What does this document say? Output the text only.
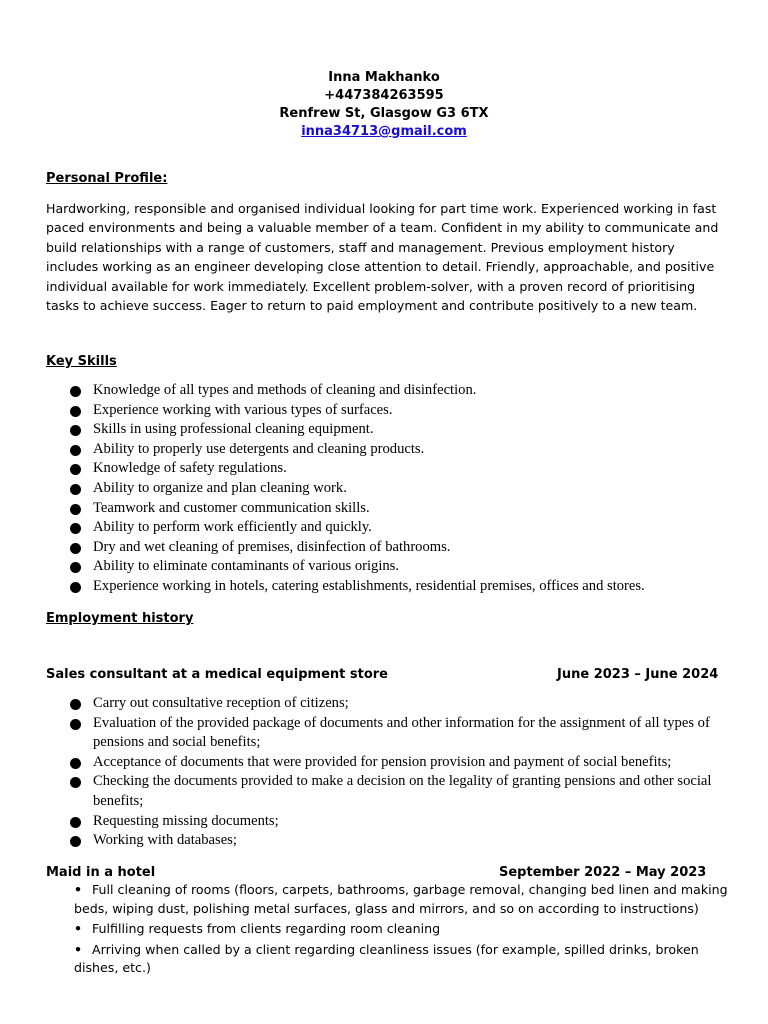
Inna Makhanko
+447384263595
Renfrew St, Glasgow G3 6TX
inna34713@gmail.com
Personal Profile:
Hardworking, responsible and organised individual looking for part time work. Experienced working in fast paced environments and being a valuable member of a team. Confident in my ability to communicate and build relationships with a range of customers, staff and management. Previous employment history includes working as an engineer developing close attention to detail. Friendly, approachable, and positive individual available for work immediately. Excellent problem-solver, with a proven record of prioritising tasks to achieve success. Eager to return to paid employment and contribute positively to a new team.
Key Skills
Knowledge of all types and methods of cleaning and disinfection.
Experience working with various types of surfaces.
Skills in using professional cleaning equipment.
Ability to properly use detergents and cleaning products.
Knowledge of safety regulations.
Ability to organize and plan cleaning work.
Teamwork and customer communication skills.
Ability to perform work efficiently and quickly.
Dry and wet cleaning of premises, disinfection of bathrooms.
Ability to eliminate contaminants of various origins.
Experience working in hotels, catering establishments, residential premises, offices and stores.
Employment history
Sales consultant at a medical equipment store	June 2023 – June 2024
Carry out consultative reception of citizens;
Evaluation of the provided package of documents and other information for the assignment of all types of pensions and social benefits;
Acceptance of documents that were provided for pension provision and payment of social benefits;
Checking the documents provided to make a decision on the legality of granting pensions and other social benefits;
Requesting missing documents;
Working with databases;
Maid in a hotel	September 2022 – May 2023
• Full cleaning of rooms (floors, carpets, bathrooms, garbage removal, changing bed linen and making beds, wiping dust, polishing metal surfaces, glass and mirrors, and so on according to instructions)
• Fulfilling requests from clients regarding room cleaning
• Arriving when called by a client regarding cleanliness issues (for example, spilled drinks, broken dishes, etc.)
